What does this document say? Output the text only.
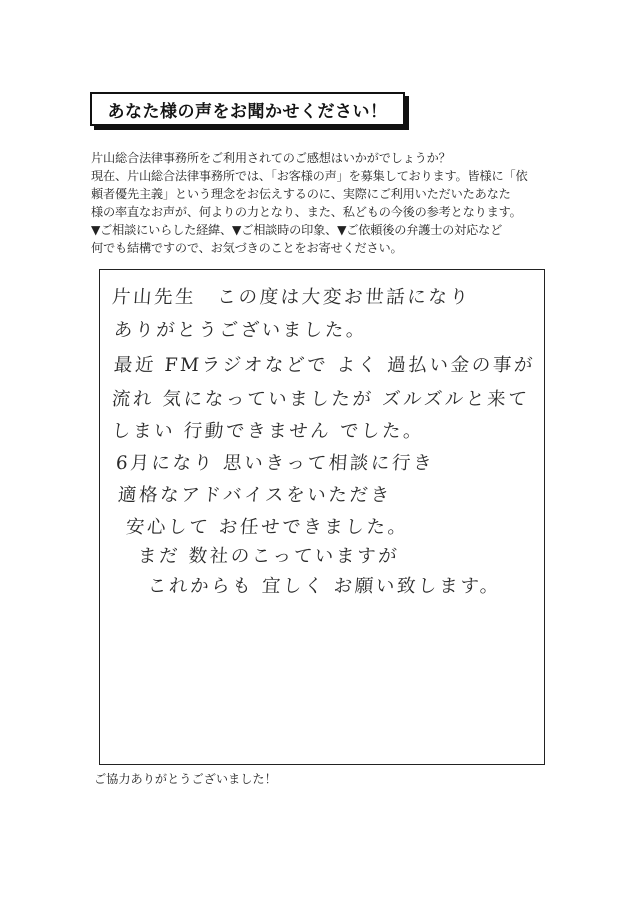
あなた様の声をお聞かせください！
片山総合法律事務所をご利用されてのご感想はいかがでしょうか？
現在、片山総合法律事務所では、「お客様の声」を募集しております。皆様に「依
頼者優先主義」という理念をお伝えするのに、実際にご利用いただいたあなた
様の率直なお声が、何よりの力となり、また、私どもの今後の参考となります。
▼ご相談にいらした経緯、▼ご相談時の印象、▼ご依頼後の弁護士の対応など
何でも結構ですので、お気づきのことをお寄せください。
片山先生　この度は大変お世話になり
ありがとうございました。
最近 FMラジオなどで よく 過払い金の事が
流れ 気になっていましたが ズルズルと来て
しまい 行動できません でした。
6月になり 思いきって相談に行き
適格なアドバイスをいただき
安心して お任せできました。
まだ 数社のこっていますが
これからも 宜しく お願い致します。
ご協力ありがとうございました！
